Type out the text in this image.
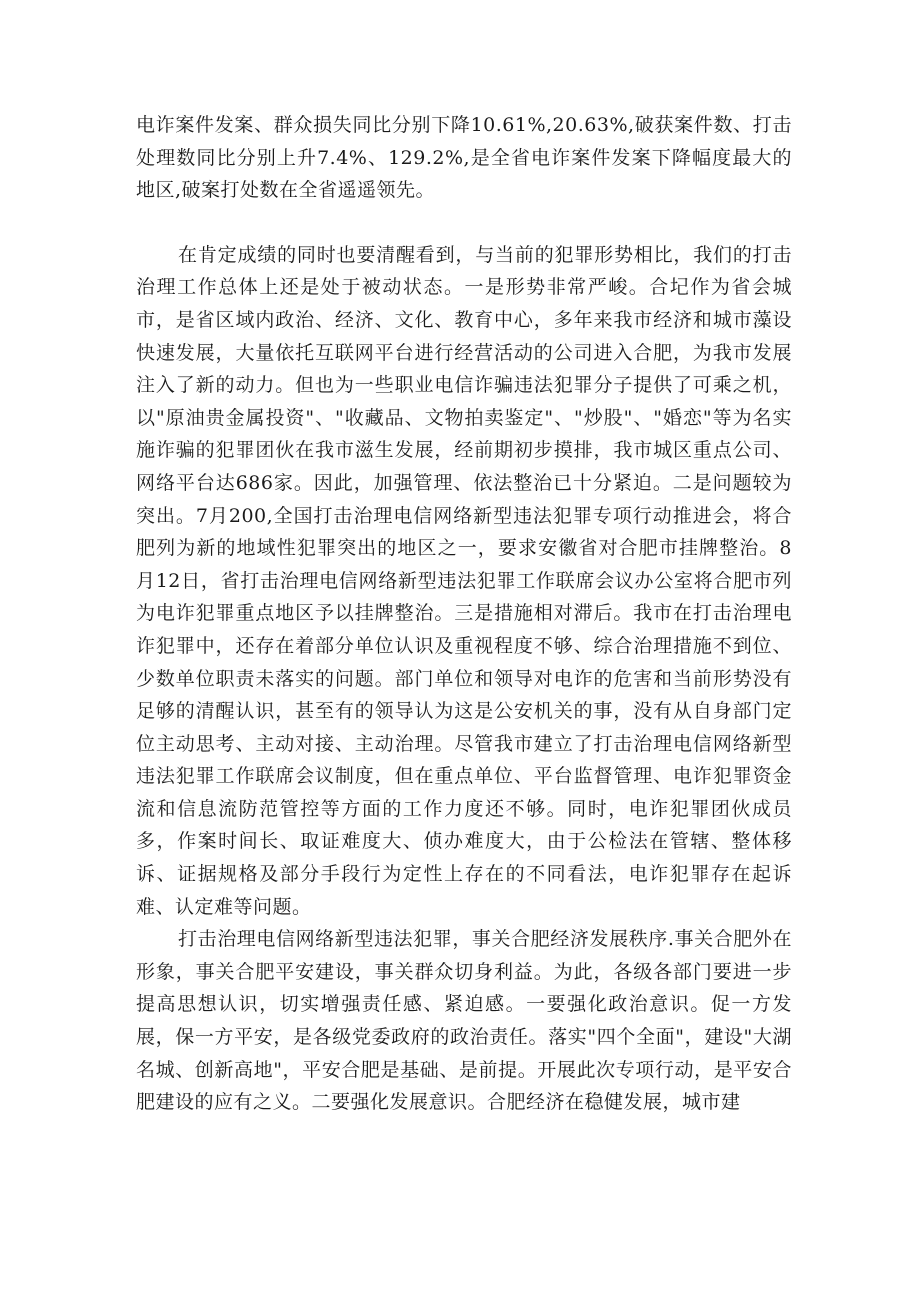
电诈案件发案、群众损失同比分别下降10.61%,20.63%,破获案件数、打击处理数同比分别上升7.4%、129.2%,是全省电诈案件发案下降幅度最大的地区,破案打处数在全省遥遥领先。

在肯定成绩的同时也要清醒看到，与当前的犯罪形势相比，我们的打击治理工作总体上还是处于被动状态。一是形势非常严峻。合圮作为省会城市，是省区域内政治、经济、文化、教育中心，多年来我市经济和城市藻设快速发展，大量依托互联网平台进行经营活动的公司进入合肥，为我市发展注入了新的动力。但也为一些职业电信诈骗违法犯罪分子提供了可乘之机，以"原油贵金属投资"、"收藏品、文物拍卖鉴定"、"炒股"、"婚恋"等为名实施诈骗的犯罪团伙在我市滋生发展，经前期初步摸排，我市城区重点公司、网络平台达686家。因此，加强管理、依法整治已十分紧迫。二是问题较为突出。7月200,全国打击治理电信网络新型违法犯罪专项行动推进会，将合肥列为新的地域性犯罪突出的地区之一，要求安徽省对合肥市挂牌整治。8月12日，省打击治理电信网络新型违法犯罪工作联席会议办公室将合肥市列为电诈犯罪重点地区予以挂牌整治。三是措施相对滞后。我市在打击治理电诈犯罪中，还存在着部分单位认识及重视程度不够、综合治理措施不到位、少数单位职责未落实的问题。部门单位和领导对电诈的危害和当前形势没有足够的清醒认识，甚至有的领导认为这是公安机关的事，没有从自身部门定位主动思考、主动对接、主动治理。尽管我市建立了打击治理电信网络新型违法犯罪工作联席会议制度，但在重点单位、平台监督管理、电诈犯罪资金流和信息流防范管控等方面的工作力度还不够。同时，电诈犯罪团伙成员多，作案时间长、取证难度大、侦办难度大，由于公检法在管辖、整体移诉、证据规格及部分手段行为定性上存在的不同看法，电诈犯罪存在起诉难、认定难等问题。

打击治理电信网络新型违法犯罪，事关合肥经济发展秩序.事关合肥外在形象，事关合肥平安建设，事关群众切身利益。为此，各级各部门要进一步提高思想认识，切实增强责任感、紧迫感。一要强化政治意识。促一方发展，保一方平安，是各级党委政府的政治责任。落实"四个全面"，建设"大湖名城、创新高地"，平安合肥是基础、是前提。开展此次专项行动，是平安合肥建设的应有之义。二要强化发展意识。合肥经济在稳健发展，城市建
